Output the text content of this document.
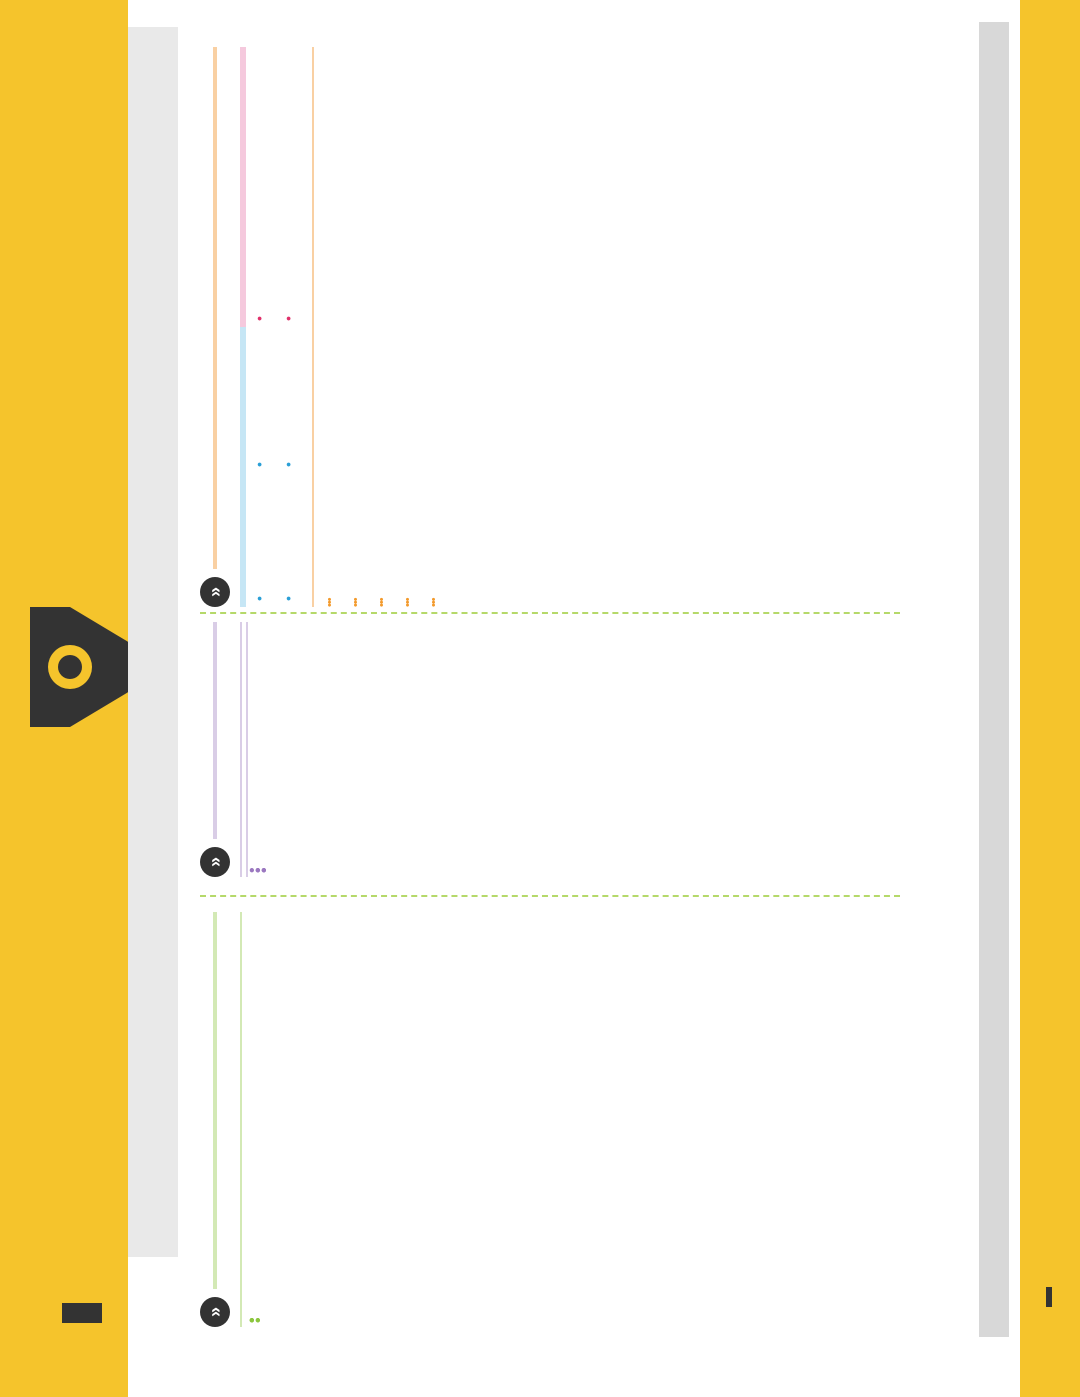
»

»

»
•
•
•
•
•
•
